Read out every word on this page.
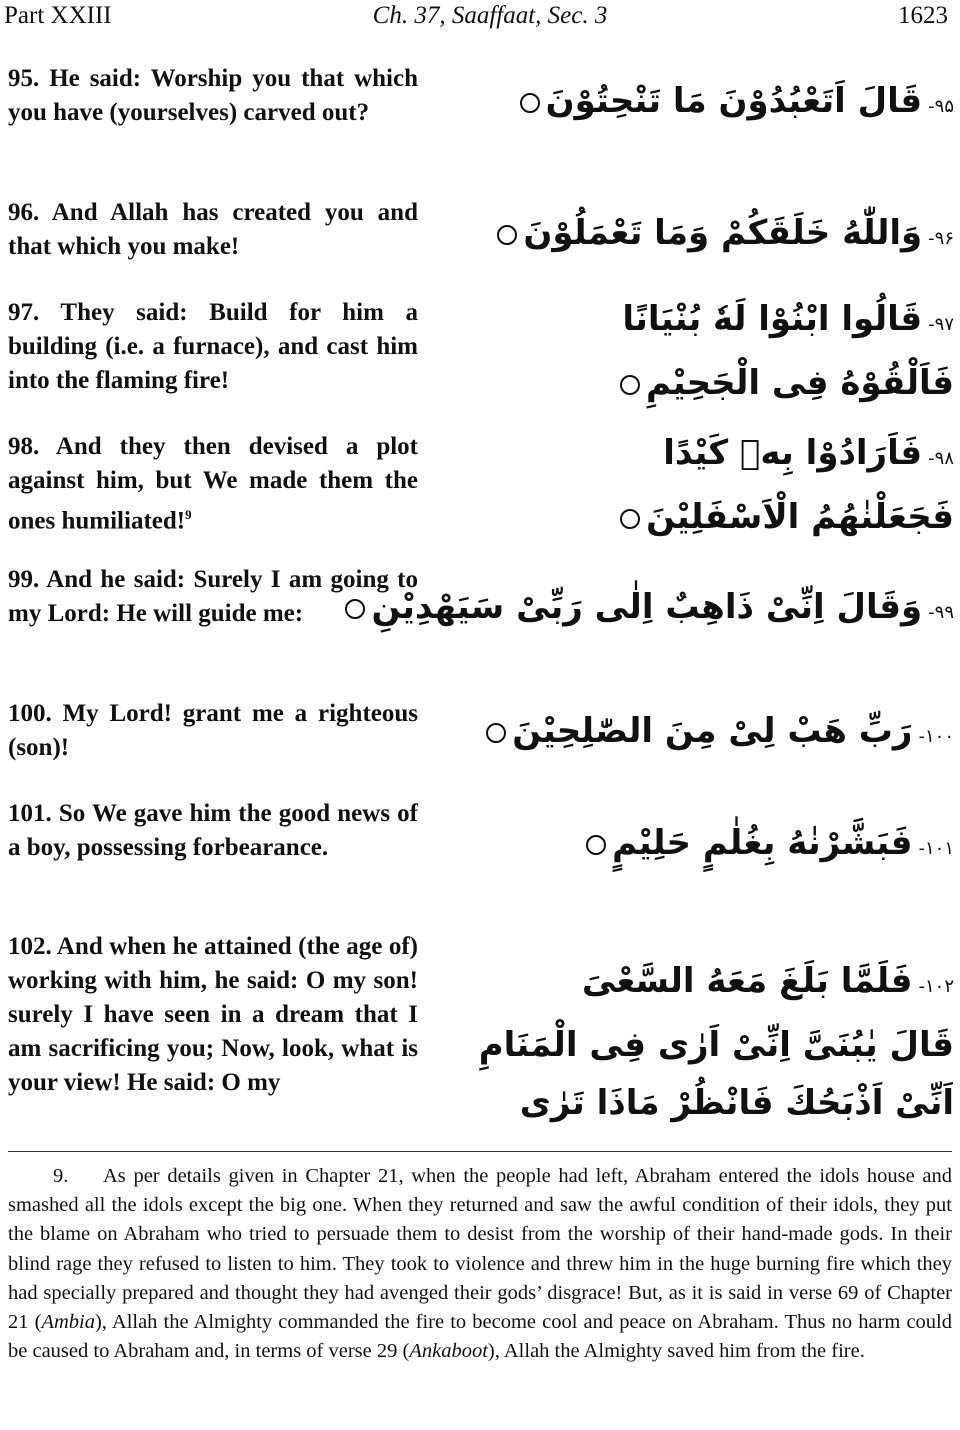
Part XXIII	Ch. 37, Saaffaat, Sec. 3	1623
95. He said: Worship you that which you have (yourselves) carved out?	۹۵-قَالَ اَتَعْبُدُوْنَ مَا تَنْحِتُوْنَ
96. And Allah has created you and that which you make!	۹۶-وَاللّٰهُ خَلَقَكُمْ وَمَا تَعْمَلُوْنَ
97. They said: Build for him a building (i.e. a furnace), and cast him into the flaming fire!
۹۷-قَالُوا ابْنُوْا لَهٗ بُنْيَانًا
فَاَلْقُوْهُ فِى الْجَحِيْمِ
98. And they then devised a plot against him, but We made them the ones humiliated!$^9$
۹۸-فَاَرَادُوْا بِهٖ كَيْدًا
فَجَعَلْنٰهُمُ الْاَسْفَلِيْنَ
99. And he said: Surely I am going to my Lord: He will guide me:	۹۹-وَقَالَ اِنِّىْ ذَاهِبٌ اِلٰى رَبِّىْ سَيَهْدِيْنِ
100. My Lord! grant me a righteous (son)!	۱۰۰-رَبِّ هَبْ لِىْ مِنَ الصّٰلِحِيْنَ
101. So We gave him the good news of a boy, possessing forbearance.	۱۰۱-فَبَشَّرْنٰهُ بِغُلٰمٍ حَلِيْمٍ
102. And when he attained (the age of) working with him, he said: O my son! surely I have seen in a dream that I am sacrificing you; Now, look, what is your view! He said: O my
۱۰۲-فَلَمَّا بَلَغَ مَعَهُ السَّعْىَ
قَالَ يٰبُنَىَّ اِنِّىْ اَرٰى فِى الْمَنَامِ
اَنِّىْ اَذْبَحُكَ فَانْظُرْ مَاذَا تَرٰى
9. As per details given in Chapter 21, when the people had left, Abraham entered the idols house and smashed all the idols except the big one. When they returned and saw the awful condition of their idols, they put the blame on Abraham who tried to persuade them to desist from the worship of their hand-made gods. In their blind rage they refused to listen to him. They took to violence and threw him in the huge burning fire which they had specially prepared and thought they had avenged their gods’ disgrace! But, as it is said in verse 69 of Chapter 21 (Ambia), Allah the Almighty commanded the fire to become cool and peace on Abraham. Thus no harm could be caused to Abraham and, in terms of verse 29 (Ankaboot), Allah the Almighty saved him from the fire.
